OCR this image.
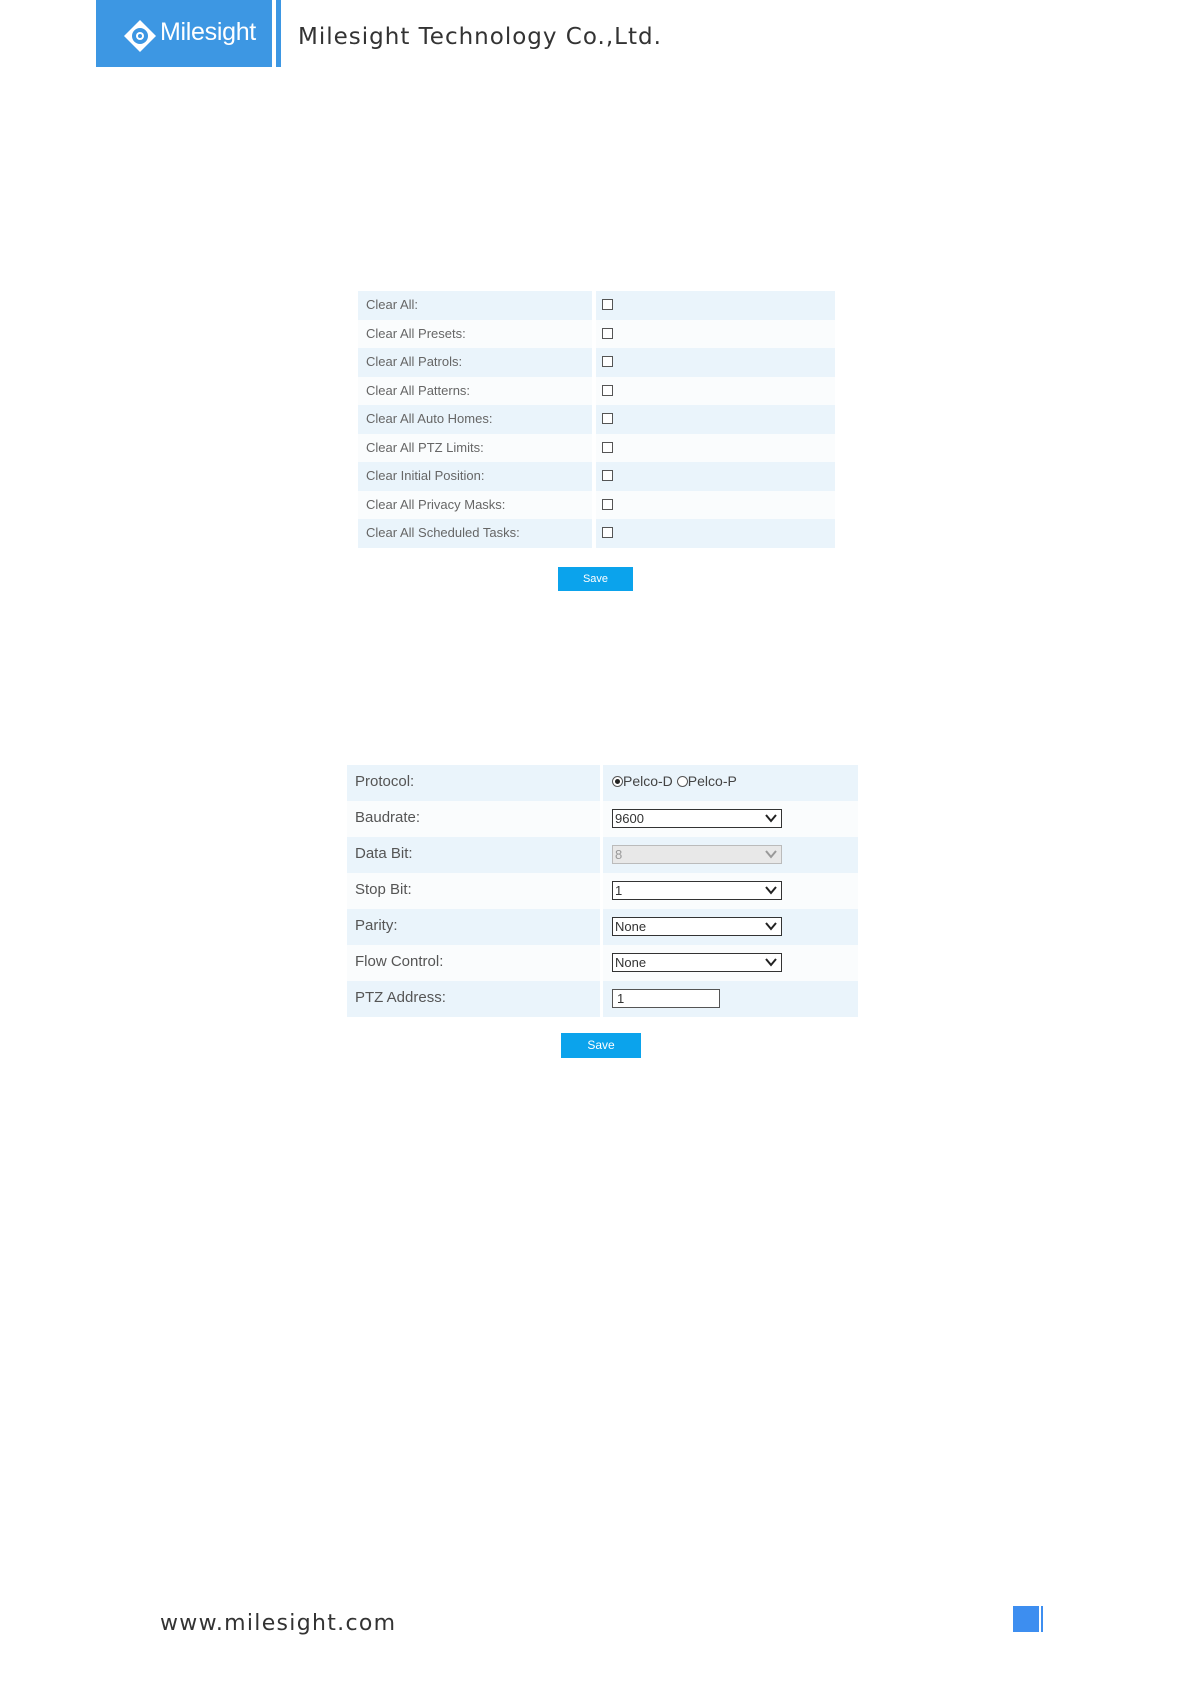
Milesight Milesight Technology Co.,Ltd.
Clear All:
Clear All Presets:
Clear All Patrols:
Clear All Patterns:
Clear All Auto Homes:
Clear All PTZ Limits:
Clear Initial Position:
Clear All Privacy Masks:
Clear All Scheduled Tasks:
Save
Protocol:	Pelco-D Pelco-P
Baudrate:	9600
Data Bit:	8
Stop Bit:	1
Parity:	None
Flow Control:	None
PTZ Address:	1
Save
www.milesight.com
